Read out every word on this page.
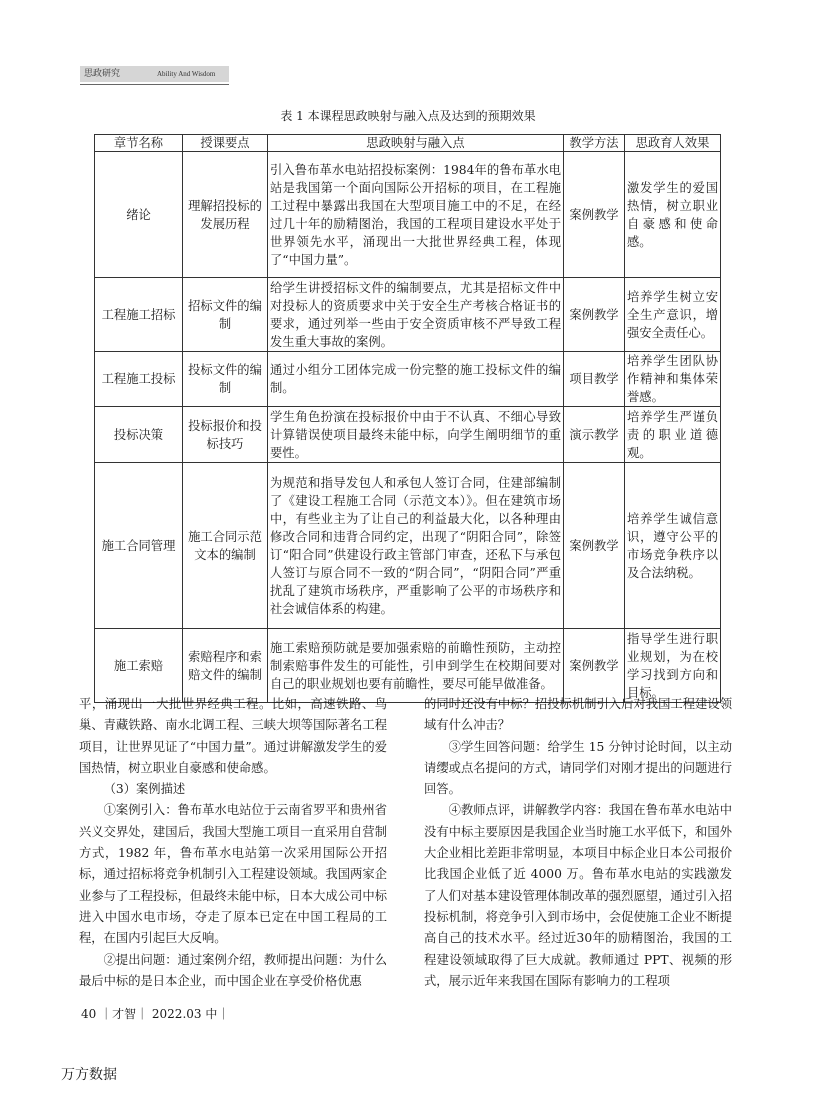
思政研究	Ability And Wisdom
表 1 本课程思政映射与融入点及达到的预期效果
章节名称	授课要点	思政映射与融入点	教学方法	思政育人效果
绪论	理解招投标的发展历程	引入鲁布革水电站招投标案例：1984年的鲁布革水电站是我国第一个面向国际公开招标的项目，在工程施工过程中暴露出我国在大型项目施工中的不足，在经过几十年的励精图治，我国的工程项目建设水平处于世界领先水平，涌现出一大批世界经典工程，体现了“中国力量”。	案例教学	激发学生的爱国热情，树立职业自豪感和使命感。
工程施工招标	招标文件的编制	给学生讲授招标文件的编制要点，尤其是招标文件中对投标人的资质要求中关于安全生产考核合格证书的要求，通过列举一些由于安全资质审核不严导致工程发生重大事故的案例。	案例教学	培养学生树立安全生产意识，增强安全责任心。
工程施工投标	投标文件的编制	通过小组分工团体完成一份完整的施工投标文件的编制。	项目教学	培养学生团队协作精神和集体荣誉感。
投标决策	投标报价和投标技巧	学生角色扮演在投标报价中由于不认真、不细心导致计算错误使项目最终未能中标，向学生阐明细节的重要性。	演示教学	培养学生严谨负责的职业道德观。
施工合同管理	施工合同示范文本的编制	为规范和指导发包人和承包人签订合同，住建部编制了《建设工程施工合同（示范文本）》。但在建筑市场中，有些业主为了让自己的利益最大化，以各种理由修改合同和违背合同约定，出现了“阴阳合同”，除签订“阳合同”供建设行政主管部门审查，还私下与承包人签订与原合同不一致的“阴合同”，“阴阳合同”严重扰乱了建筑市场秩序，严重影响了公平的市场秩序和社会诚信体系的构建。	案例教学	培养学生诚信意识，遵守公平的市场竞争秩序以及合法纳税。
施工索赔	索赔程序和索赔文件的编制	施工索赔预防就是要加强索赔的前瞻性预防，主动控制索赔事件发生的可能性，引申到学生在校期间要对自己的职业规划也要有前瞻性，要尽可能早做准备。	案例教学	指导学生进行职业规划，为在校学习找到方向和目标。

平，涌现出一大批世界经典工程。比如，高速铁路、鸟巢、青藏铁路、南水北调工程、三峡大坝等国际著名工程项目，让世界见证了“中国力量”。通过讲解激发学生的爱国热情，树立职业自豪感和使命感。

（3）案例描述

①案例引入：鲁布革水电站位于云南省罗平和贵州省兴义交界处，建国后，我国大型施工项目一直采用自营制方式，1982 年，鲁布革水电站第一次采用国际公开招标，通过招标将竞争机制引入工程建设领域。我国两家企业参与了工程投标，但最终未能中标，日本大成公司中标进入中国水电市场，夺走了原本已定在中国工程局的工程，在国内引起巨大反响。

②提出问题：通过案例介绍，教师提出问题：为什么最后中标的是日本企业，而中国企业在享受价格优惠

的同时还没有中标？招投标机制引入后对我国工程建设领域有什么冲击？

③学生回答问题：给学生 15 分钟讨论时间，以主动请缨或点名提问的方式，请同学们对刚才提出的问题进行回答。

④教师点评，讲解教学内容：我国在鲁布革水电站中没有中标主要原因是我国企业当时施工水平低下，和国外大企业相比差距非常明显，本项目中标企业日本公司报价比我国企业低了近 4000 万。鲁布革水电站的实践激发了人们对基本建设管理体制改革的强烈愿望，通过引入招投标机制，将竞争引入到市场中，会促使施工企业不断提高自己的技术水平。经过近30年的励精图治，我国的工程建设领域取得了巨大成就。教师通过 PPT、视频的形式，展示近年来我国在国际有影响力的工程项

40 ｜才智｜ 2022.03 中｜
万方数据
